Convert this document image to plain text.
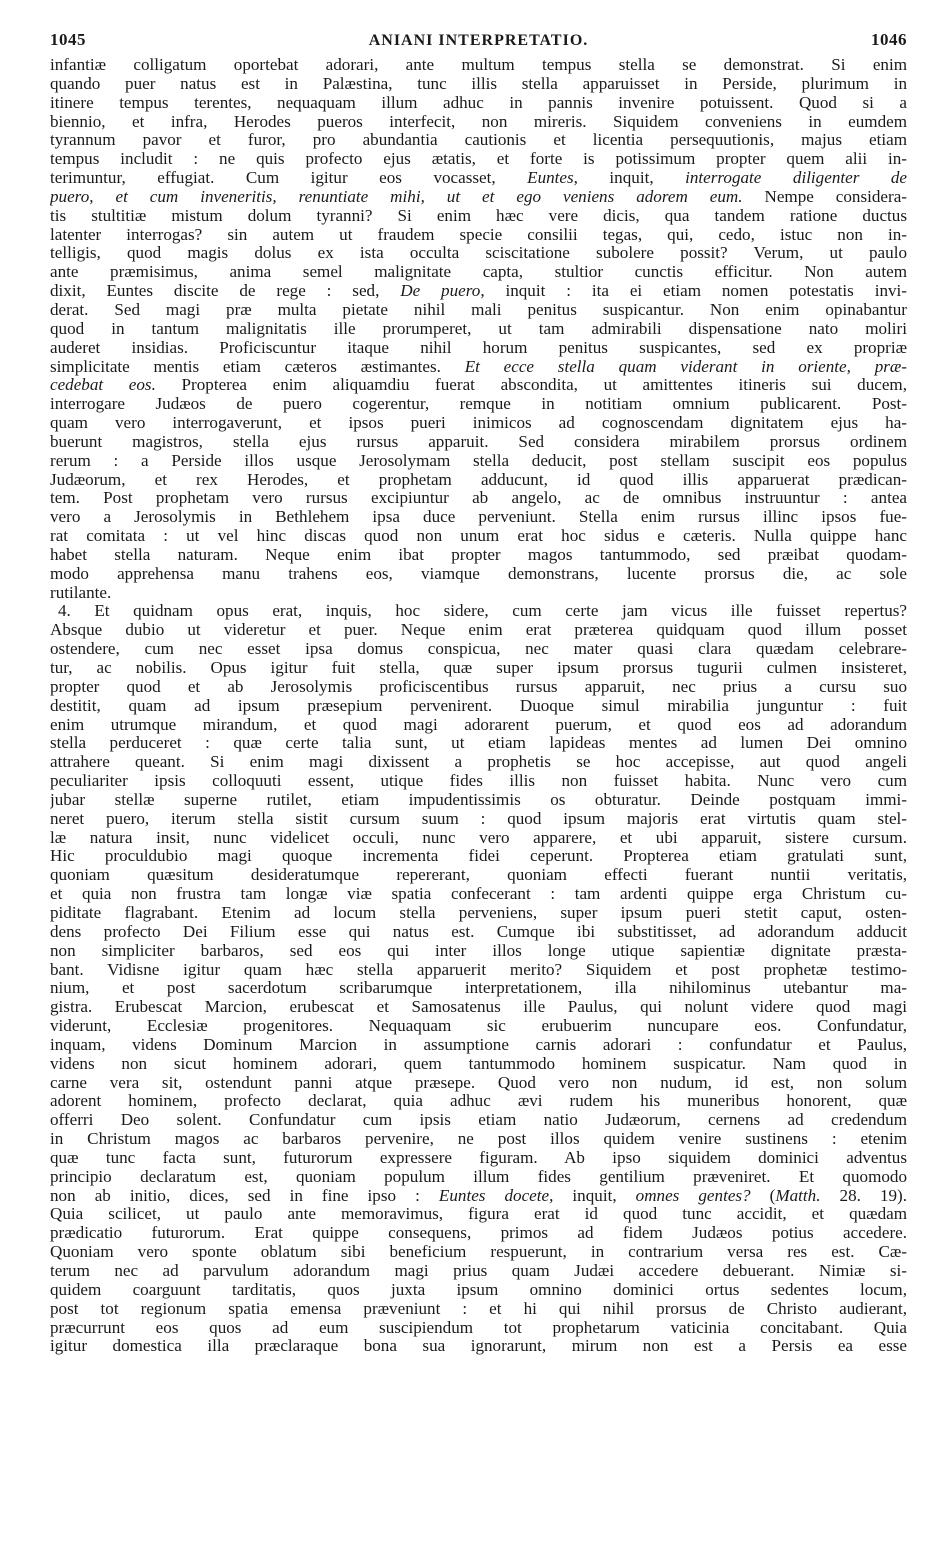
1045	ANIANI INTERPRETATIO.	1046
infantiæ colligatum oportebat adorari, ante multum tempus stella se demonstrat. Si enim
quando puer natus est in Palæstina, tunc illis stella apparuisset in Perside, plurimum in
itinere tempus terentes, nequaquam illum adhuc in pannis invenire potuissent. Quod si a
biennio, et infra, Herodes pueros interfecit, non mireris. Siquidem conveniens in eumdem
tyrannum pavor et furor, pro abundantia cautionis et licentia persequutionis, majus etiam
tempus includit : ne quis profecto ejus ætatis, et forte is potissimum propter quem alii in-
terimuntur, effugiat. Cum igitur eos vocasset, Euntes, inquit, interrogate diligenter de
puero, et cum inveneritis, renuntiate mihi, ut et ego veniens adorem eum. Nempe considera-
tis stultitiæ mistum dolum tyranni? Si enim hæc vere dicis, qua tandem ratione ductus
latenter interrogas? sin autem ut fraudem specie consilii tegas, qui, cedo, istuc non in-
telligis, quod magis dolus ex ista occulta sciscitatione subolere possit? Verum, ut paulo
ante præmisimus, anima semel malignitate capta, stultior cunctis efficitur. Non autem
dixit, Euntes discite de rege : sed, De puero, inquit : ita ei etiam nomen potestatis invi-
derat. Sed magi præ multa pietate nihil mali penitus suspicantur. Non enim opinabantur
quod in tantum malignitatis ille prorumperet, ut tam admirabili dispensatione nato moliri
auderet insidias. Proficiscuntur itaque nihil horum penitus suspicantes, sed ex propriæ
simplicitate mentis etiam cæteros æstimantes. Et ecce stella quam viderant in oriente, præ-
cedebat eos. Propterea enim aliquamdiu fuerat abscondita, ut amittentes itineris sui ducem,
interrogare Judæos de puero cogerentur, remque in notitiam omnium publicarent. Post-
quam vero interrogaverunt, et ipsos pueri inimicos ad cognoscendam dignitatem ejus ha-
buerunt magistros, stella ejus rursus apparuit. Sed considera mirabilem prorsus ordinem
rerum : a Perside illos usque Jerosolymam stella deducit, post stellam suscipit eos populus
Judæorum, et rex Herodes, et prophetam adducunt, id quod illis apparuerat prædican-
tem. Post prophetam vero rursus excipiuntur ab angelo, ac de omnibus instruuntur : antea
vero a Jerosolymis in Bethlehem ipsa duce perveniunt. Stella enim rursus illinc ipsos fue-
rat comitata : ut vel hinc discas quod non unum erat hoc sidus e cæteris. Nulla quippe hanc
habet stella naturam. Neque enim ibat propter magos tantummodo, sed præibat quodam-
modo apprehensa manu trahens eos, viamque demonstrans, lucente prorsus die, ac sole
rutilante.
4. Et quidnam opus erat, inquis, hoc sidere, cum certe jam vicus ille fuisset repertus?
Absque dubio ut videretur et puer. Neque enim erat præterea quidquam quod illum posset
ostendere, cum nec esset ipsa domus conspicua, nec mater quasi clara quædam celebrare-
tur, ac nobilis. Opus igitur fuit stella, quæ super ipsum prorsus tugurii culmen insisteret,
propter quod et ab Jerosolymis proficiscentibus rursus apparuit, nec prius a cursu suo
destitit, quam ad ipsum præsepium pervenirent. Duoque simul mirabilia junguntur : fuit
enim utrumque mirandum, et quod magi adorarent puerum, et quod eos ad adorandum
stella perduceret : quæ certe talia sunt, ut etiam lapideas mentes ad lumen Dei omnino
attrahere queant. Si enim magi dixissent a prophetis se hoc accepisse, aut quod angeli
peculiariter ipsis colloquuti essent, utique fides illis non fuisset habita. Nunc vero cum
jubar stellæ superne rutilet, etiam impudentissimis os obturatur. Deinde postquam immi-
neret puero, iterum stella sistit cursum suum : quod ipsum majoris erat virtutis quam stel-
læ natura insit, nunc videlicet occuli, nunc vero apparere, et ubi apparuit, sistere cursum.
Hic proculdubio magi quoque incrementa fidei ceperunt. Propterea etiam gratulati sunt,
quoniam quæsitum desideratumque repererant, quoniam effecti fuerant nuntii veritatis,
et quia non frustra tam longæ viæ spatia confecerant : tam ardenti quippe erga Christum cu-
piditate flagrabant. Etenim ad locum stella perveniens, super ipsum pueri stetit caput, osten-
dens profecto Dei Filium esse qui natus est. Cumque ibi substitisset, ad adorandum adducit
non simpliciter barbaros, sed eos qui inter illos longe utique sapientiæ dignitate præsta-
bant. Vidisne igitur quam hæc stella apparuerit merito? Siquidem et post prophetæ testimo-
nium, et post sacerdotum scribarumque interpretationem, illa nihilominus utebantur ma-
gistra. Erubescat Marcion, erubescat et Samosatenus ille Paulus, qui nolunt videre quod magi
viderunt, Ecclesiæ progenitores. Nequaquam sic erubuerim nuncupare eos. Confundatur,
inquam, videns Dominum Marcion in assumptione carnis adorari : confundatur et Paulus,
videns non sicut hominem adorari, quem tantummodo hominem suspicatur. Nam quod in
carne vera sit, ostendunt panni atque præsepe. Quod vero non nudum, id est, non solum
adorent hominem, profecto declarat, quia adhuc ævi rudem his muneribus honorent, quæ
offerri Deo solent. Confundatur cum ipsis etiam natio Judæorum, cernens ad credendum
in Christum magos ac barbaros pervenire, ne post illos quidem venire sustinens : etenim
quæ tunc facta sunt, futurorum expressere figuram. Ab ipso siquidem dominici adventus
principio declaratum est, quoniam populum illum fides gentilium præveniret. Et quomodo
non ab initio, dices, sed in fine ipso : Euntes docete, inquit, omnes gentes? (Matth. 28. 19).
Quia scilicet, ut paulo ante memoravimus, figura erat id quod tunc accidit, et quædam
prædicatio futurorum. Erat quippe consequens, primos ad fidem Judæos potius accedere.
Quoniam vero sponte oblatum sibi beneficium respuerunt, in contrarium versa res est. Cæ-
terum nec ad parvulum adorandum magi prius quam Judæi accedere debuerant. Nimiæ si-
quidem coarguunt tarditatis, quos juxta ipsum omnino dominici ortus sedentes locum,
post tot regionum spatia emensa præveniunt : et hi qui nihil prorsus de Christo audierant,
præcurrunt eos quos ad eum suscipiendum tot prophetarum vaticinia concitabant. Quia
igitur domestica illa præclaraque bona sua ignorarunt, mirum non est a Persis ea esse
